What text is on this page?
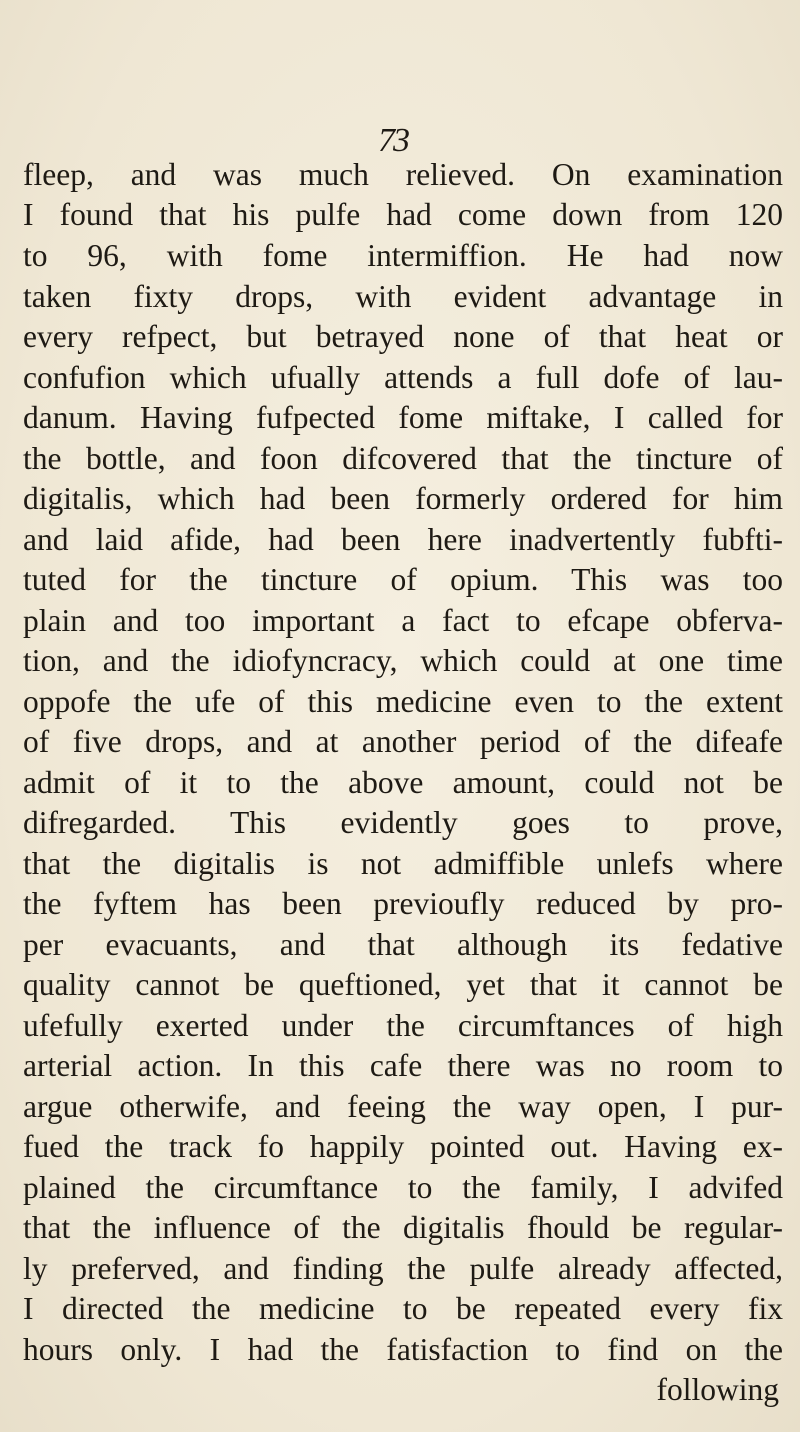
73
fleep, and was much relieved. On examination
I found that his pulfe had come down from 120
to 96, with fome intermiffion. He had now
taken fixty drops, with evident advantage in
every refpect, but betrayed none of that heat or
confufion which ufually attends a full dofe of lau-
danum. Having fufpected fome miftake, I called for
the bottle, and foon difcovered that the tincture of
digitalis, which had been formerly ordered for him
and laid afide, had been here inadvertently fubfti-
tuted for the tincture of opium. This was too
plain and too important a fact to efcape obferva-
tion, and the idiofyncracy, which could at one time
oppofe the ufe of this medicine even to the extent
of five drops, and at another period of the difeafe
admit of it to the above amount, could not be
difregarded. This evidently goes to prove,
that the digitalis is not admiffible unlefs where
the fyftem has been previoufly reduced by pro-
per evacuants, and that although its fedative
quality cannot be queftioned, yet that it cannot be
ufefully exerted under the circumftances of high
arterial action. In this cafe there was no room to
argue otherwife, and feeing the way open, I pur-
fued the track fo happily pointed out. Having ex-
plained the circumftance to the family, I advifed
that the influence of the digitalis fhould be regular-
ly preferved, and finding the pulfe already affected,
I directed the medicine to be repeated every fix
hours only. I had the fatisfaction to find on the
following
